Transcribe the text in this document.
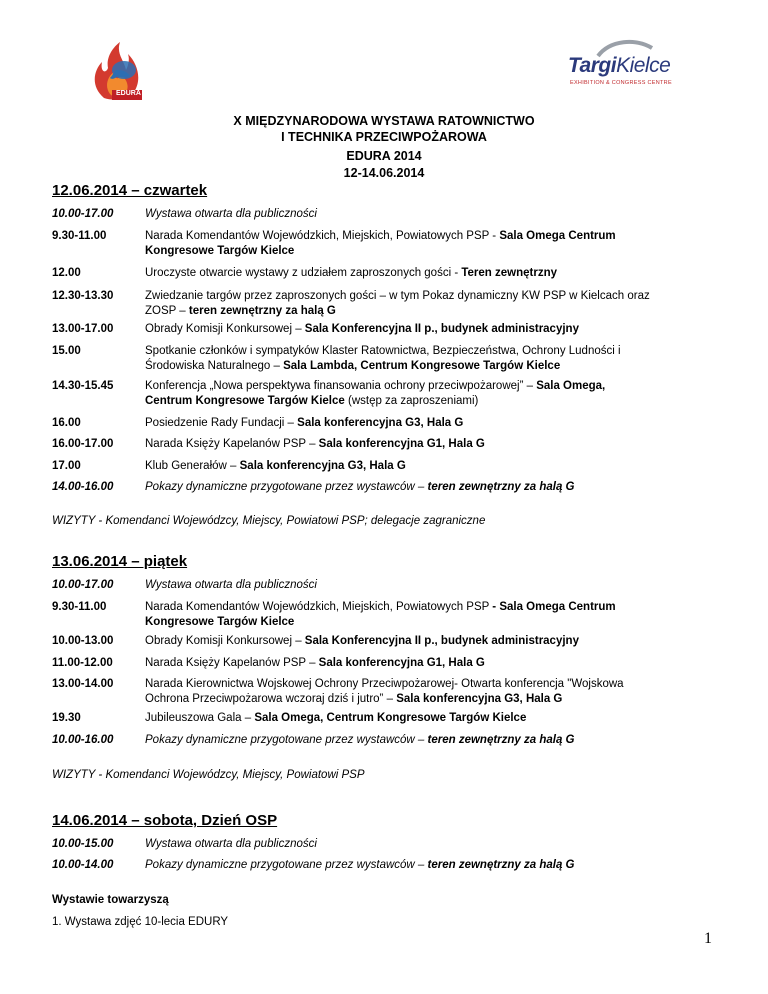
EDURA
TargiKielce
EXHIBITION & CONGRESS CENTRE
X MIĘDZYNARODOWA WYSTAWA RATOWNICTWO
I TECHNIKA PRZECIWPOŻAROWA
EDURA 2014
12-14.06.2014
12.06.2014 – czwartek
10.00-17.00	Wystawa otwarta dla publiczności
9.30-11.00	Narada Komendantów Wojewódzkich, Miejskich, Powiatowych PSP - Sala Omega Centrum
Kongresowe Targów Kielce
12.00	Uroczyste otwarcie wystawy z udziałem zaproszonych gości - Teren zewnętrzny
12.30-13.30	Zwiedzanie targów przez zaproszonych gości – w tym Pokaz dynamiczny KW PSP w Kielcach oraz
ZOSP – teren zewnętrzny za halą G
13.00-17.00	Obrady Komisji Konkursowej – Sala Konferencyjna II p., budynek administracyjny
15.00	Spotkanie członków i sympatyków Klaster Ratownictwa, Bezpieczeństwa, Ochrony Ludności i
Środowiska Naturalnego – Sala Lambda, Centrum Kongresowe Targów Kielce
14.30-15.45	Konferencja „Nowa perspektywa finansowania ochrony przeciwpożarowej” – Sala Omega,
Centrum Kongresowe Targów Kielce (wstęp za zaproszeniami)
16.00	Posiedzenie Rady Fundacji – Sala konferencyjna G3, Hala G
16.00-17.00	Narada Księży Kapelanów PSP – Sala konferencyjna G1, Hala G
17.00	Klub Generałów – Sala konferencyjna G3, Hala G
14.00-16.00	Pokazy dynamiczne przygotowane przez wystawców – teren zewnętrzny za halą G
WIZYTY - Komendanci Wojewódzcy, Miejscy, Powiatowi PSP; delegacje zagraniczne
13.06.2014 – piątek
10.00-17.00	Wystawa otwarta dla publiczności
9.30-11.00	Narada Komendantów Wojewódzkich, Miejskich, Powiatowych PSP - Sala Omega Centrum
Kongresowe Targów Kielce
10.00-13.00	Obrady Komisji Konkursowej – Sala Konferencyjna II p., budynek administracyjny
11.00-12.00	Narada Księży Kapelanów PSP – Sala konferencyjna G1, Hala G
13.00-14.00	Narada Kierownictwa Wojskowej Ochrony Przeciwpożarowej- Otwarta konferencja "Wojskowa
Ochrona Przeciwpożarowa wczoraj dziś i jutro” – Sala konferencyjna G3, Hala G
19.30	Jubileuszowa Gala – Sala Omega, Centrum Kongresowe Targów Kielce
10.00-16.00	Pokazy dynamiczne przygotowane przez wystawców – teren zewnętrzny za halą G
WIZYTY - Komendanci Wojewódzcy, Miejscy, Powiatowi PSP
14.06.2014 – sobota, Dzień OSP
10.00-15.00	Wystawa otwarta dla publiczności
10.00-14.00	Pokazy dynamiczne przygotowane przez wystawców – teren zewnętrzny za halą G
Wystawie towarzyszą
1. Wystawa zdjęć 10-lecia EDURY
1
